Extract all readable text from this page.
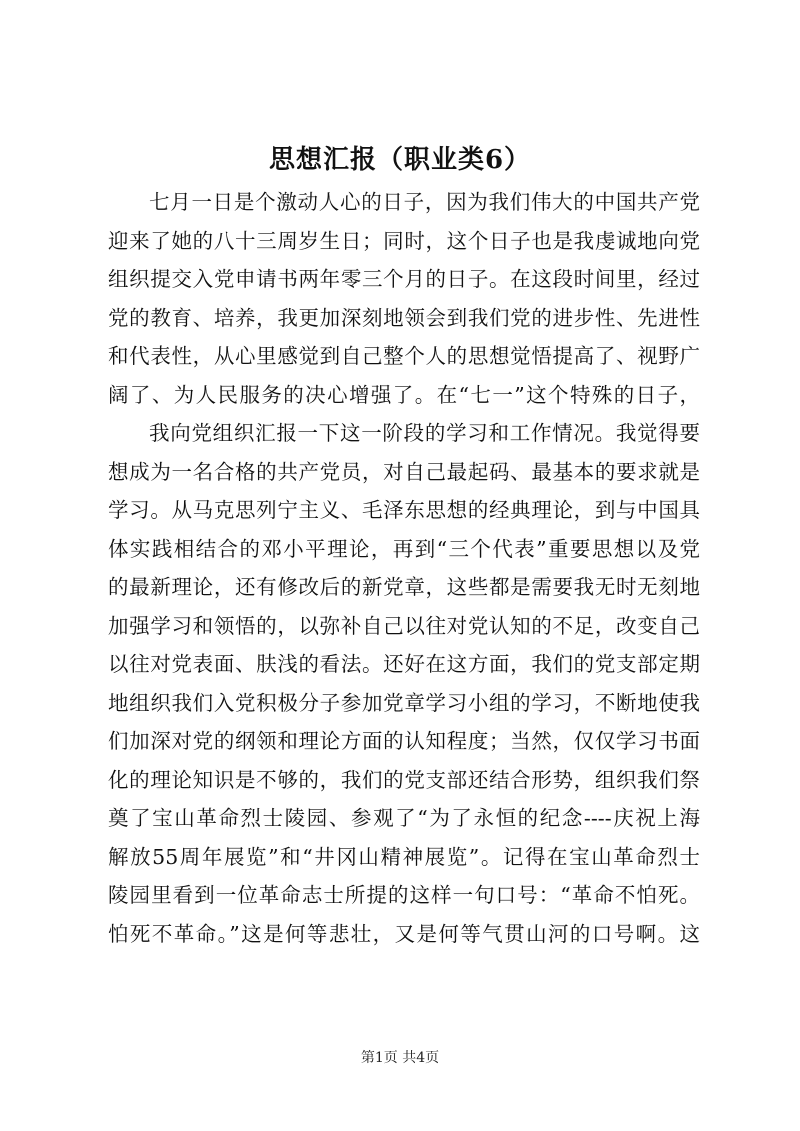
思想汇报（职业类6）
七月一日是个激动人心的日子，因为我们伟大的中国共产党
迎来了她的八十三周岁生日；同时，这个日子也是我虔诚地向党
组织提交入党申请书两年零三个月的日子。在这段时间里，经过
党的教育、培养，我更加深刻地领会到我们党的进步性、先进性
和代表性，从心里感觉到自己整个人的思想觉悟提高了、视野广
阔了、为人民服务的决心增强了。在“七一”这个特殊的日子，
我向党组织汇报一下这一阶段的学习和工作情况。我觉得要
想成为一名合格的共产党员，对自己最起码、最基本的要求就是
学习。从马克思列宁主义、毛泽东思想的经典理论，到与中国具
体实践相结合的邓小平理论，再到“三个代表”重要思想以及党
的最新理论，还有修改后的新党章，这些都是需要我无时无刻地
加强学习和领悟的，以弥补自己以往对党认知的不足，改变自己
以往对党表面、肤浅的看法。还好在这方面，我们的党支部定期
地组织我们入党积极分子参加党章学习小组的学习，不断地使我
们加深对党的纲领和理论方面的认知程度；当然，仅仅学习书面
化的理论知识是不够的，我们的党支部还结合形势，组织我们祭
奠了宝山革命烈士陵园、参观了“为了永恒的纪念----庆祝上海
解放55周年展览”和“井冈山精神展览”。记得在宝山革命烈士
陵园里看到一位革命志士所提的这样一句口号：“革命不怕死。
怕死不革命。”这是何等悲壮，又是何等气贯山河的口号啊。这
第1页 共4页
